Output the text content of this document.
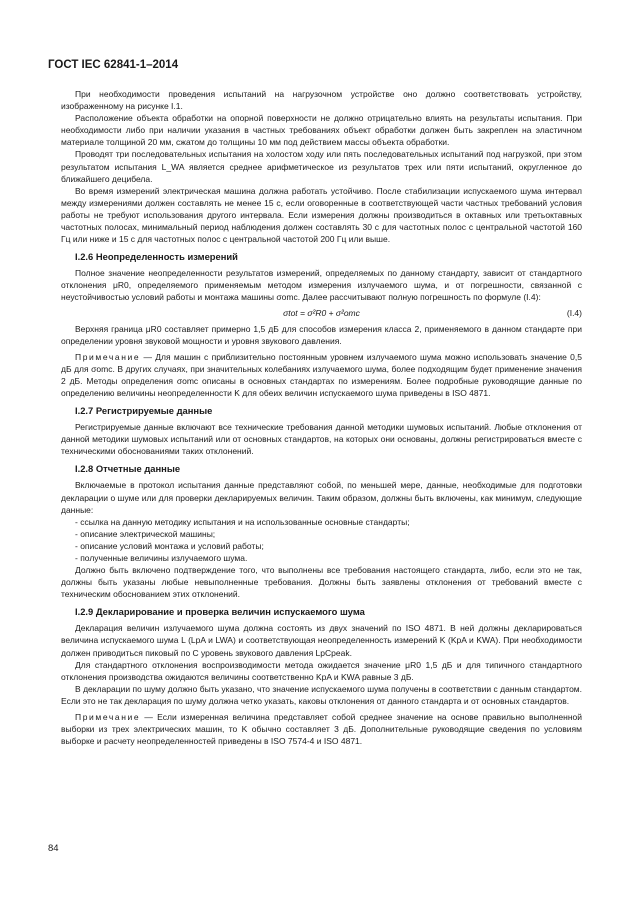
ГОСТ IEC 62841-1–2014

При необходимости проведения испытаний на нагрузочном устройстве оно должно соответствовать устройству, изображенному на рисунке I.1.

Расположение объекта обработки на опорной поверхности не должно отрицательно влиять на результаты испытания. При необходимости либо при наличии указания в частных требованиях объект обработки должен быть закреплен на эластичном материале толщиной 20 мм, сжатом до толщины 10 мм под действием массы объекта обработки.

Проводят три последовательных испытания на холостом ходу или пять последовательных испытаний под нагрузкой, при этом результатом испытания L_WA является среднее арифметическое из результатов трех или пяти испытаний, округленное до ближайшего децибела.

Во время измерений электрическая машина должна работать устойчиво. После стабилизации испускаемого шума интервал между измерениями должен составлять не менее 15 с, если оговоренные в соответствующей части частных требований условия работы не требуют использования другого интервала. Если измерения должны производиться в октавных или третьоктавных частотных полосах, минимальный период наблюдения должен составлять 30 с для частотных полос с центральной частотой 160 Гц или ниже и 15 с для частотных полос с центральной частотой 200 Гц или выше.

I.2.6 Неопределенность измерений

Полное значение неопределенности результатов измерений, определяемых по данному стандарту, зависит от стандартного отклонения μR0, определяемого применяемым методом измерения излучаемого шума, и от погрешности, связанной с неустойчивостью условий работы и монтажа машины σomc. Далее рассчитывают полную погрешность по формуле (I.4):

σtot = σ²R0 + σ²omc	(I.4)

Верхняя граница μR0 составляет примерно 1,5 дБ для способов измерения класса 2, применяемого в данном стандарте при определении уровня звуковой мощности и уровня звукового давления.

Примечание — Для машин с приблизительно постоянным уровнем излучаемого шума можно использовать значение 0,5 дБ для σomc. В других случаях, при значительных колебаниях излучаемого шума, более подходящим будет применение значения 2 дБ. Методы определения σomc описаны в основных стандартах по измерениям. Более подробные руководящие данные по определению величины неопределенности K для обеих величин испускаемого шума приведены в ISO 4871.

I.2.7 Регистрируемые данные

Регистрируемые данные включают все технические требования данной методики шумовых испытаний. Любые отклонения от данной методики шумовых испытаний или от основных стандартов, на которых они основаны, должны регистрироваться вместе с техническими обоснованиями таких отклонений.

I.2.8 Отчетные данные

Включаемые в протокол испытания данные представляют собой, по меньшей мере, данные, необходимые для подготовки декларации о шуме или для проверки декларируемых величин. Таким образом, должны быть включены, как минимум, следующие данные:

- ссылка на данную методику испытания и на использованные основные стандарты;
- описание электрической машины;
- описание условий монтажа и условий работы;
- полученные величины излучаемого шума.

Должно быть включено подтверждение того, что выполнены все требования настоящего стандарта, либо, если это не так, должны быть указаны любые невыполненные требования. Должны быть заявлены отклонения от требований вместе с техническим обоснованием этих отклонений.

I.2.9 Декларирование и проверка величин испускаемого шума

Декларация величин излучаемого шума должна состоять из двух значений по ISO 4871. В ней должны декларироваться величина испускаемого шума L (LpA и LWA) и соответствующая неопределенность измерений K (KpA и KWA). При необходимости должен приводиться пиковый по C уровень звукового давления LpCpeak.

Для стандартного отклонения воспроизводимости метода ожидается значение μR0 1,5 дБ и для типичного стандартного отклонения производства ожидаются величины соответственно KpA и KWA равные 3 дБ.

В декларации по шуму должно быть указано, что значение испускаемого шума получены в соответствии с данным стандартом. Если это не так декларация по шуму должна четко указать, каковы отклонения от данного стандарта и от основных стандартов.

Примечание — Если измеренная величина представляет собой среднее значение на основе правильно выполненной выборки из трех электрических машин, то K обычно составляет 3 дБ. Дополнительные руководящие сведения по условиям выборке и расчету неопределенностей приведены в ISO 7574-4 и ISO 4871.

84
